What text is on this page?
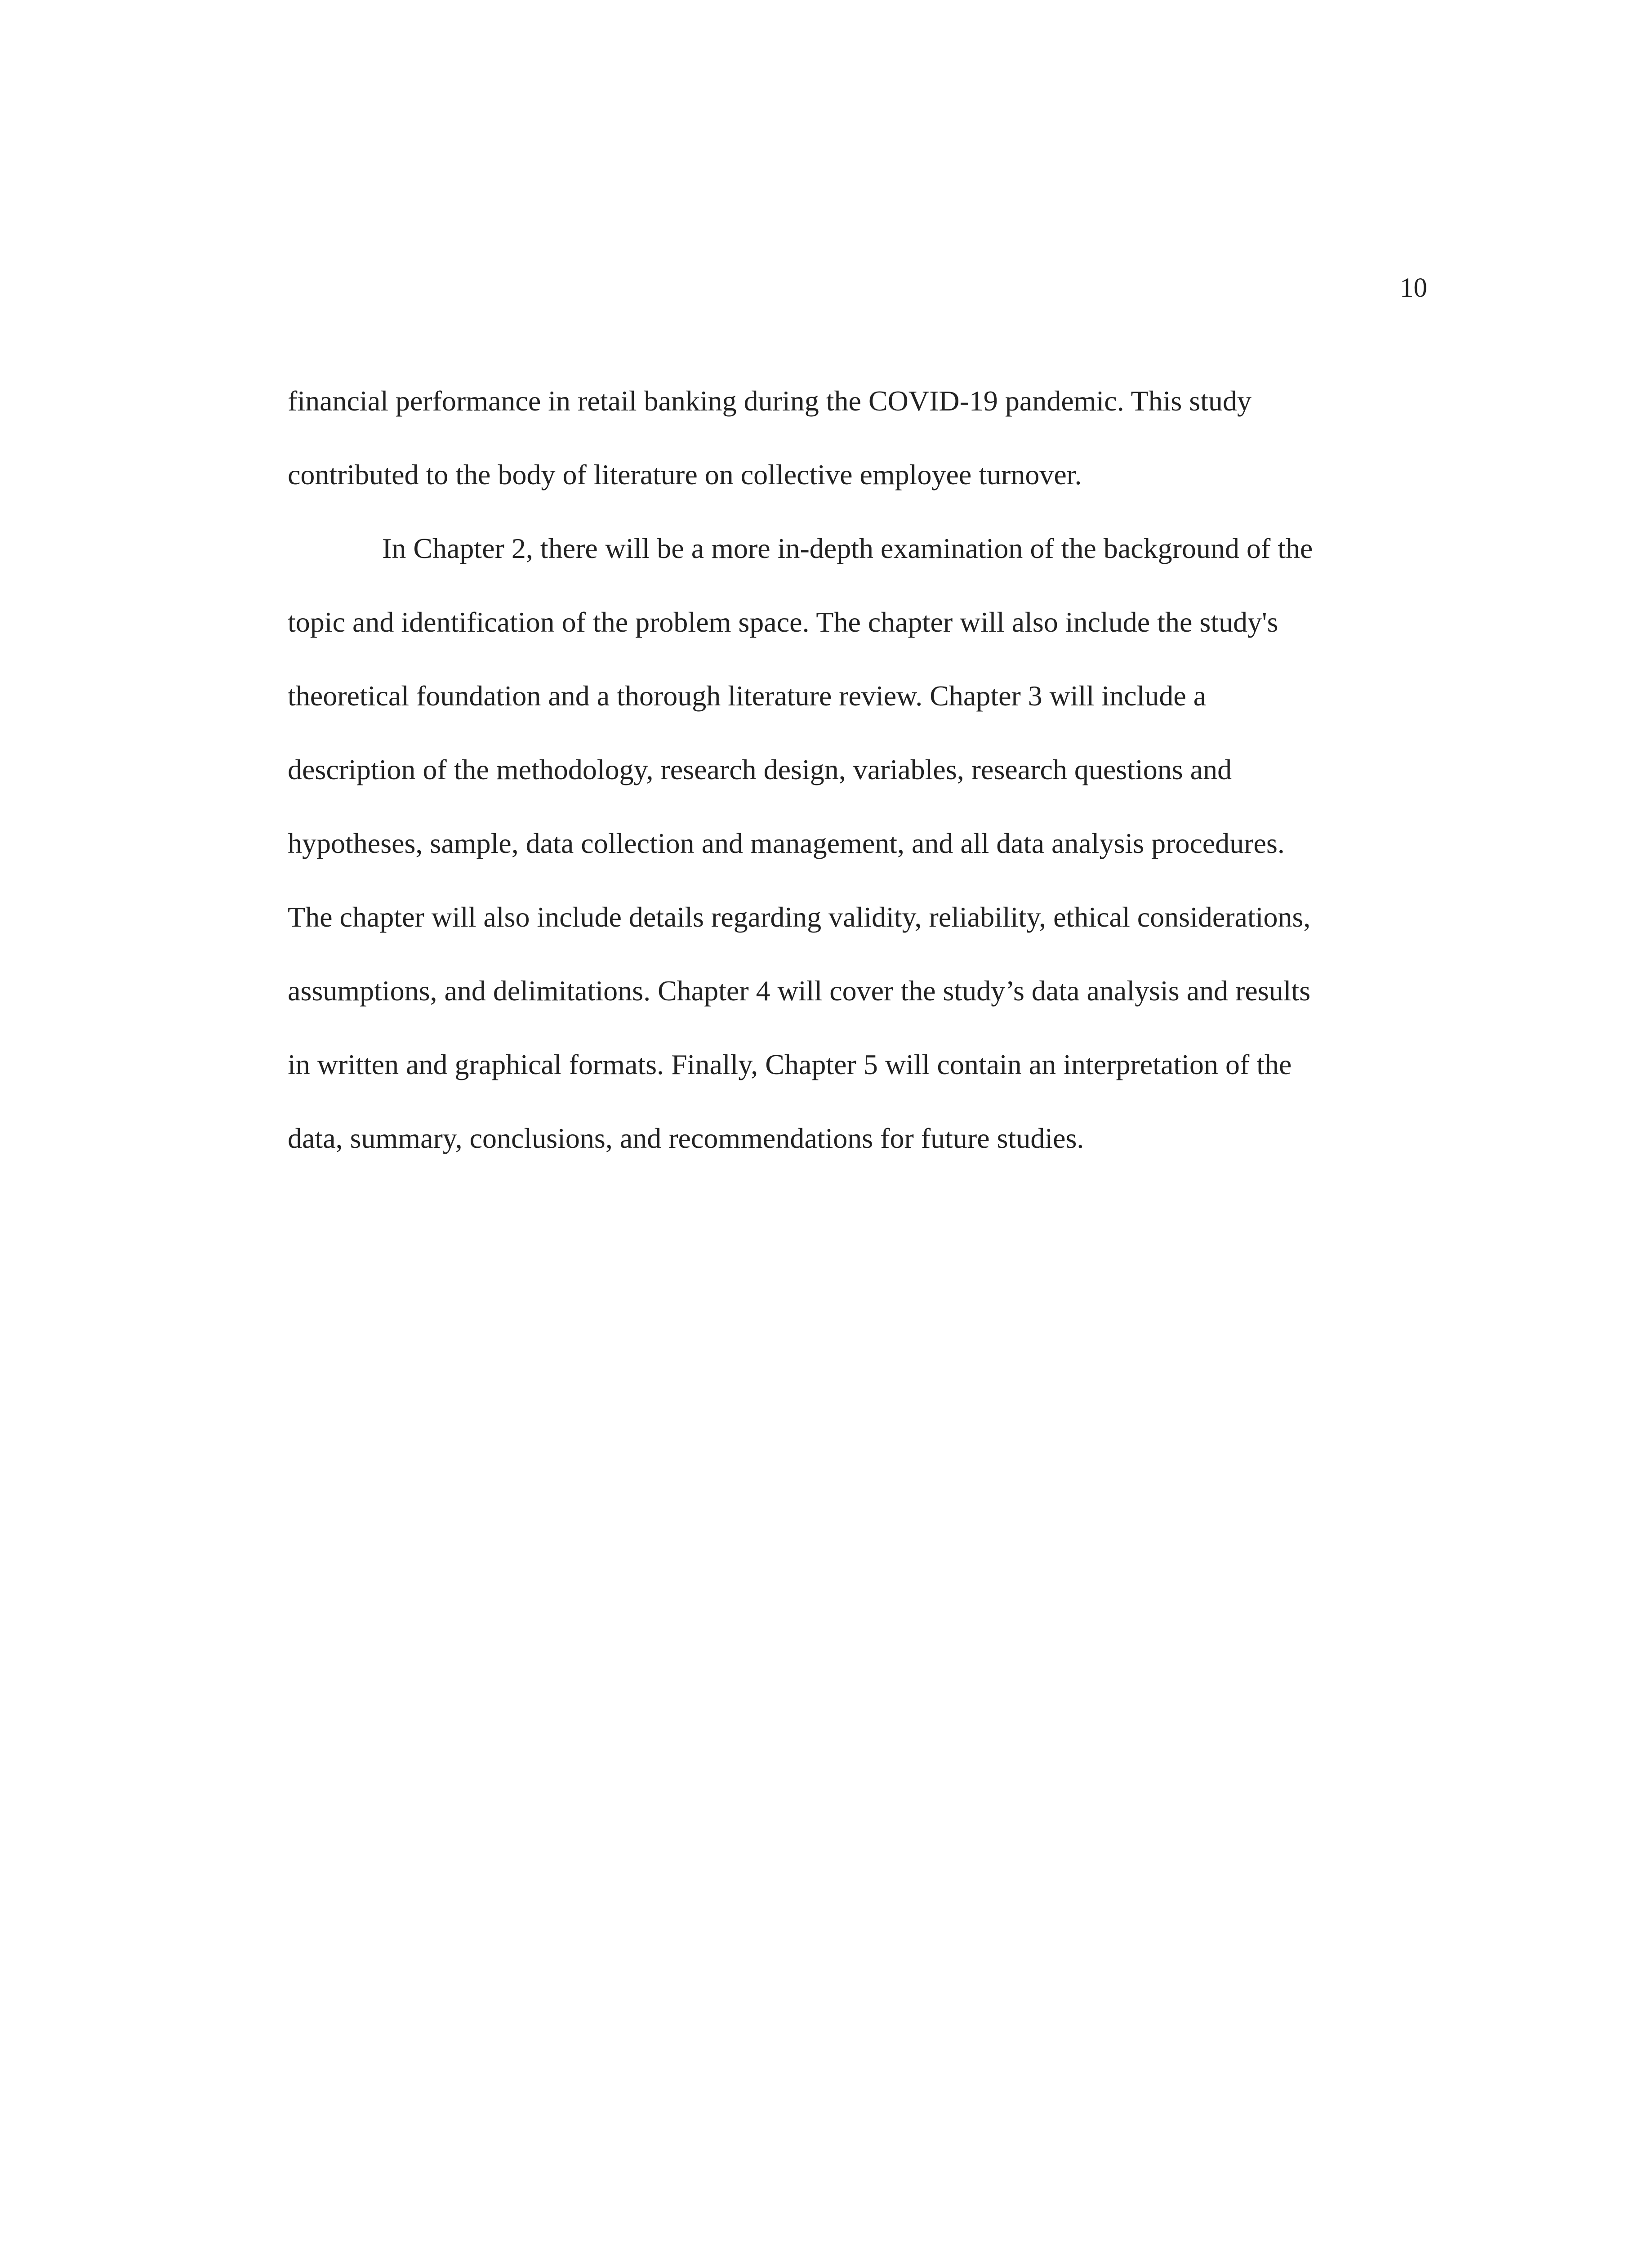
10
financial performance in retail banking during the COVID-19 pandemic. This study
contributed to the body of literature on collective employee turnover.
In Chapter 2, there will be a more in-depth examination of the background of the
topic and identification of the problem space. The chapter will also include the study's
theoretical foundation and a thorough literature review. Chapter 3 will include a
description of the methodology, research design, variables, research questions and
hypotheses, sample, data collection and management, and all data analysis procedures.
The chapter will also include details regarding validity, reliability, ethical considerations,
assumptions, and delimitations. Chapter 4 will cover the study’s data analysis and results
in written and graphical formats. Finally, Chapter 5 will contain an interpretation of the
data, summary, conclusions, and recommendations for future studies.
